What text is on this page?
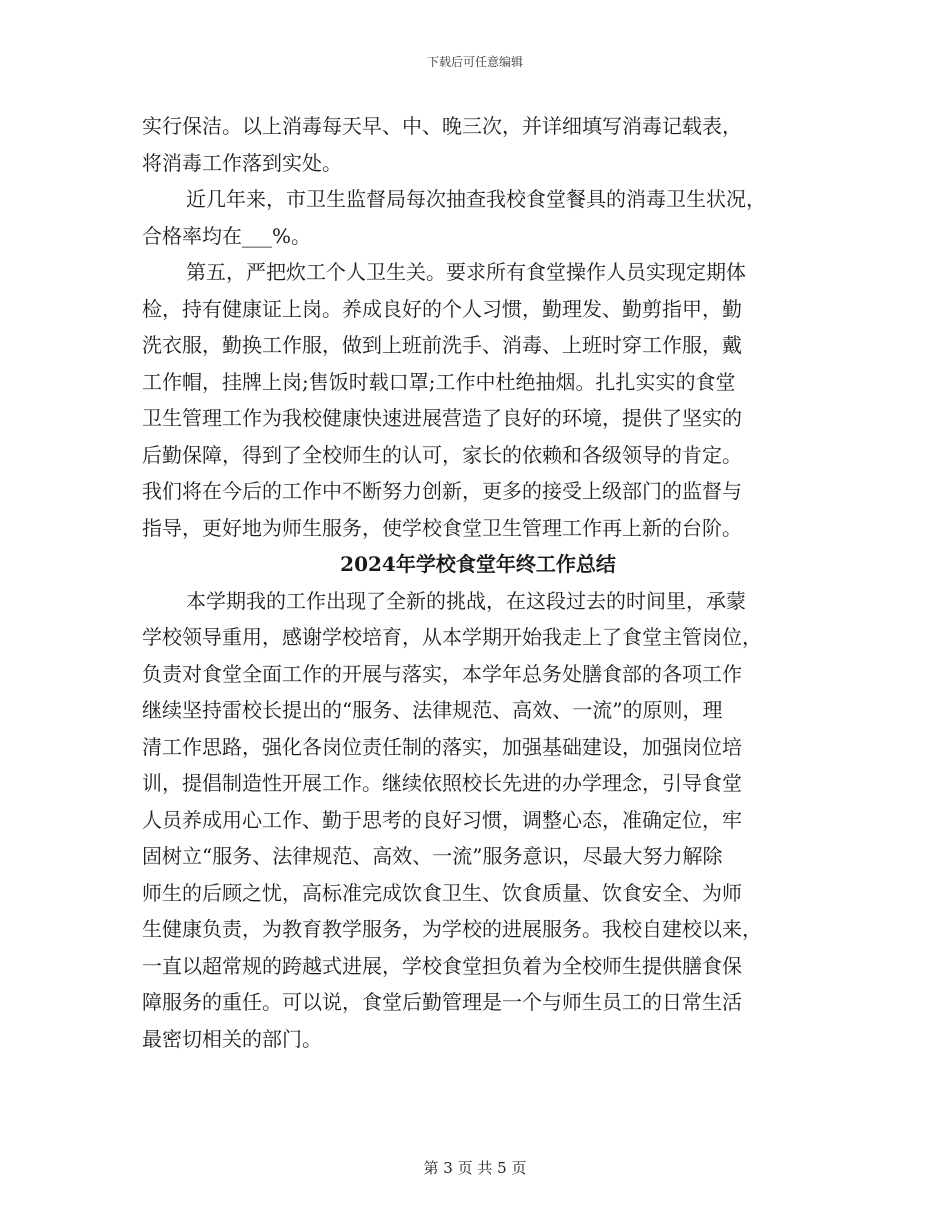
下载后可任意编辑
实行保洁。以上消毒每天早、中、晚三次，并详细填写消毒记载表，
将消毒工作落到实处。
近几年来，市卫生监督局每次抽查我校食堂餐具的消毒卫生状况，
合格率均在___%。
第五，严把炊工个人卫生关。要求所有食堂操作人员实现定期体
检，持有健康证上岗。养成良好的个人习惯，勤理发、勤剪指甲，勤
洗衣服，勤换工作服，做到上班前洗手、消毒、上班时穿工作服，戴
工作帽，挂牌上岗;售饭时载口罩;工作中杜绝抽烟。扎扎实实的食堂
卫生管理工作为我校健康快速进展营造了良好的环境，提供了坚实的
后勤保障，得到了全校师生的认可，家长的依赖和各级领导的肯定。
我们将在今后的工作中不断努力创新，更多的接受上级部门的监督与
指导，更好地为师生服务，使学校食堂卫生管理工作再上新的台阶。
2024年学校食堂年终工作总结
本学期我的工作出现了全新的挑战，在这段过去的时间里，承蒙
学校领导重用，感谢学校培育，从本学期开始我走上了食堂主管岗位，
负责对食堂全面工作的开展与落实，本学年总务处膳食部的各项工作
继续坚持雷校长提出的“服务、法律规范、高效、一流”的原则，理
清工作思路，强化各岗位责任制的落实，加强基础建设，加强岗位培
训，提倡制造性开展工作。继续依照校长先进的办学理念，引导食堂
人员养成用心工作、勤于思考的良好习惯，调整心态，准确定位，牢
固树立“服务、法律规范、高效、一流”服务意识，尽最大努力解除
师生的后顾之忧，高标准完成饮食卫生、饮食质量、饮食安全、为师
生健康负责，为教育教学服务，为学校的进展服务。我校自建校以来，
一直以超常规的跨越式进展，学校食堂担负着为全校师生提供膳食保
障服务的重任。可以说，食堂后勤管理是一个与师生员工的日常生活
最密切相关的部门。
第 3 页 共 5 页
